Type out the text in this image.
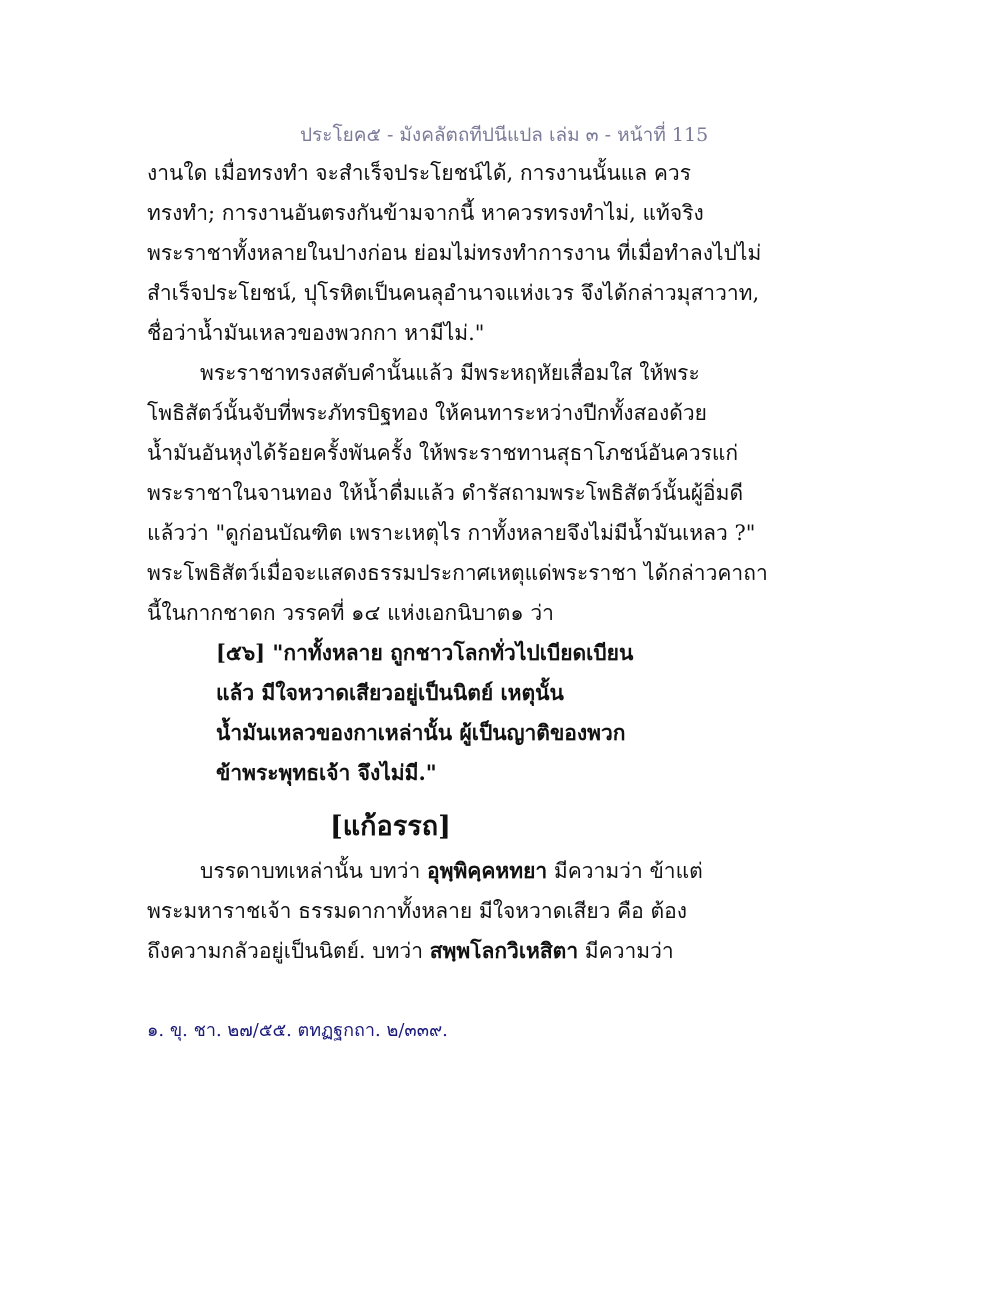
ประโยค๕ - มังคลัตถทีปนีแปล เล่ม ๓ - หน้าที่ 115
งานใด เมื่อทรงทำ จะสำเร็จประโยชน์ได้, การงานนั้นแล ควร
ทรงทำ; การงานอันตรงกันข้ามจากนี้ หาควรทรงทำไม่, แท้จริง
พระราชาทั้งหลายในปางก่อน ย่อมไม่ทรงทำการงาน ที่เมื่อทำลงไปไม่
สำเร็จประโยชน์, ปุโรหิตเป็นคนลุอำนาจแห่งเวร จึงได้กล่าวมุสาวาท,
ชื่อว่าน้ำมันเหลวของพวกกา หามีไม่."
พระราชาทรงสดับคำนั้นแล้ว มีพระหฤหัยเสื่อมใส ให้พระ
โพธิสัตว์นั้นจับที่พระภัทรบิฐทอง ให้คนทาระหว่างปีกทั้งสองด้วย
น้ำมันอันหุงได้ร้อยครั้งพันครั้ง ให้พระราชทานสุธาโภชน์อันควรแก่
พระราชาในจานทอง ให้น้ำดื่มแล้ว ดำรัสถามพระโพธิสัตว์นั้นผู้อิ่มดี
แล้วว่า "ดูก่อนบัณฑิต เพราะเหตุไร กาทั้งหลายจึงไม่มีน้ำมันเหลว ?"
พระโพธิสัตว์เมื่อจะแสดงธรรมประกาศเหตุแด่พระราชา ได้กล่าวคาถา
นี้ในกากชาดก วรรคที่ ๑๔ แห่งเอกนิบาต๑ ว่า
[๕๖] "กาทั้งหลาย ถูกชาวโลกทั่วไปเบียดเบียน
แล้ว มีใจหวาดเสียวอยู่เป็นนิตย์ เหตุนั้น
น้ำมันเหลวของกาเหล่านั้น ผู้เป็นญาติของพวก
ข้าพระพุทธเจ้า จึงไม่มี."
[แก้อรรถ]
บรรดาบทเหล่านั้น บทว่า อุพฺพิคฺคหทยา มีความว่า ข้าแต่
พระมหาราชเจ้า ธรรมดากาทั้งหลาย มีใจหวาดเสียว คือ ต้อง
ถึงความกลัวอยู่เป็นนิตย์. บทว่า สพฺพโลกวิเหสิตา มีความว่า
๑. ขุ. ชา. ๒๗/๕๕. ตทฏฐกถา. ๒/๓๓๙.
